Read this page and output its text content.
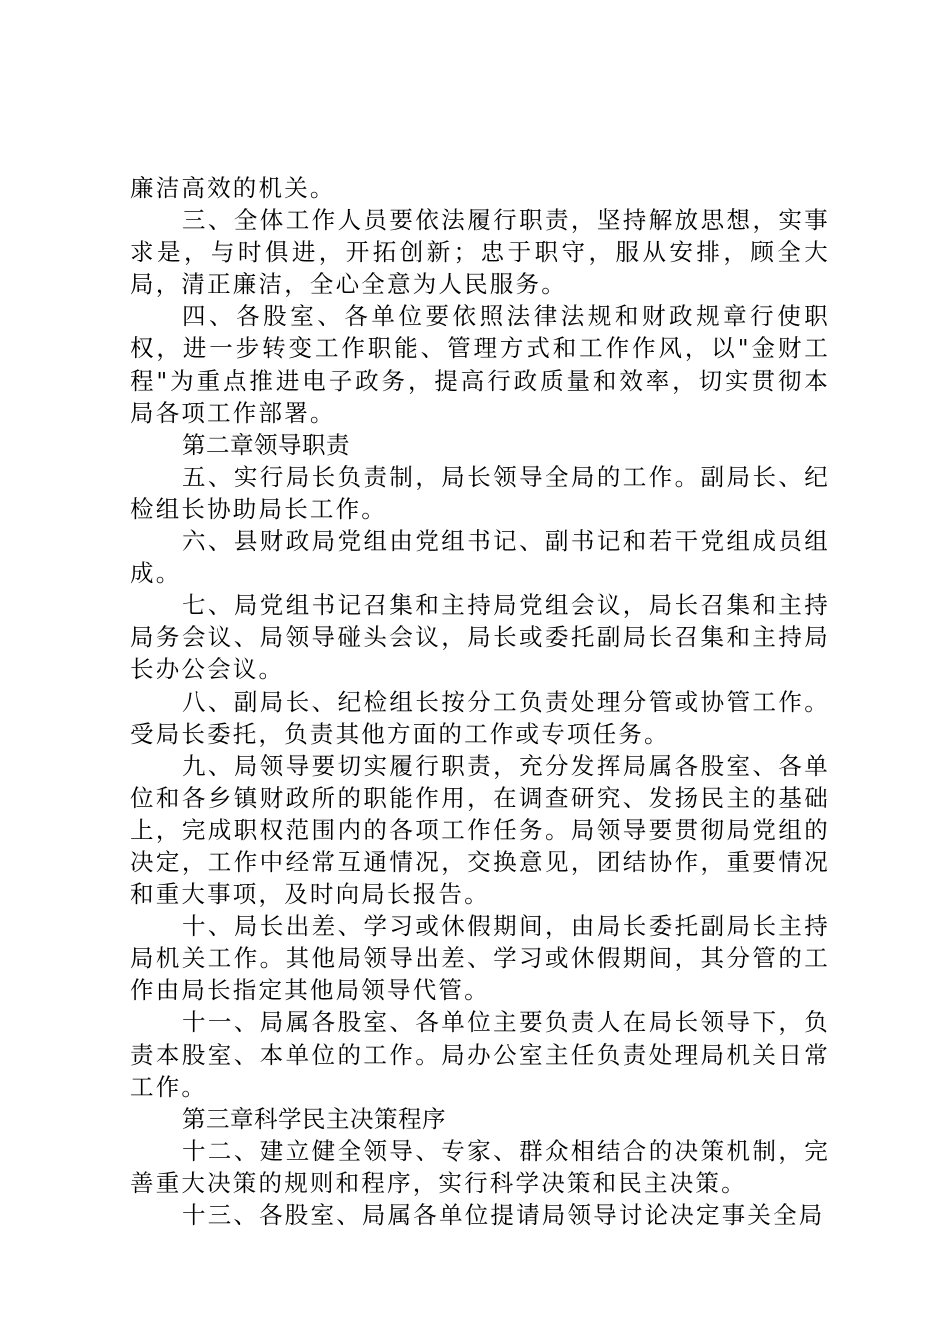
廉洁高效的机关。

三、全体工作人员要依法履行职责，坚持解放思想，实事求是，与时俱进，开拓创新；忠于职守，服从安排，顾全大局，清正廉洁，全心全意为人民服务。

四、各股室、各单位要依照法律法规和财政规章行使职权，进一步转变工作职能、管理方式和工作作风，以"金财工程"为重点推进电子政务，提高行政质量和效率，切实贯彻本局各项工作部署。

第二章领导职责

五、实行局长负责制，局长领导全局的工作。副局长、纪检组长协助局长工作。

六、县财政局党组由党组书记、副书记和若干党组成员组成。

七、局党组书记召集和主持局党组会议，局长召集和主持局务会议、局领导碰头会议，局长或委托副局长召集和主持局长办公会议。

八、副局长、纪检组长按分工负责处理分管或协管工作。受局长委托，负责其他方面的工作或专项任务。

九、局领导要切实履行职责，充分发挥局属各股室、各单位和各乡镇财政所的职能作用，在调查研究、发扬民主的基础上，完成职权范围内的各项工作任务。局领导要贯彻局党组的决定，工作中经常互通情况，交换意见，团结协作，重要情况和重大事项，及时向局长报告。

十、局长出差、学习或休假期间，由局长委托副局长主持局机关工作。其他局领导出差、学习或休假期间，其分管的工作由局长指定其他局领导代管。

十一、局属各股室、各单位主要负责人在局长领导下，负责本股室、本单位的工作。局办公室主任负责处理局机关日常工作。

第三章科学民主决策程序

十二、建立健全领导、专家、群众相结合的决策机制，完善重大决策的规则和程序，实行科学决策和民主决策。

十三、各股室、局属各单位提请局领导讨论决定事关全局
